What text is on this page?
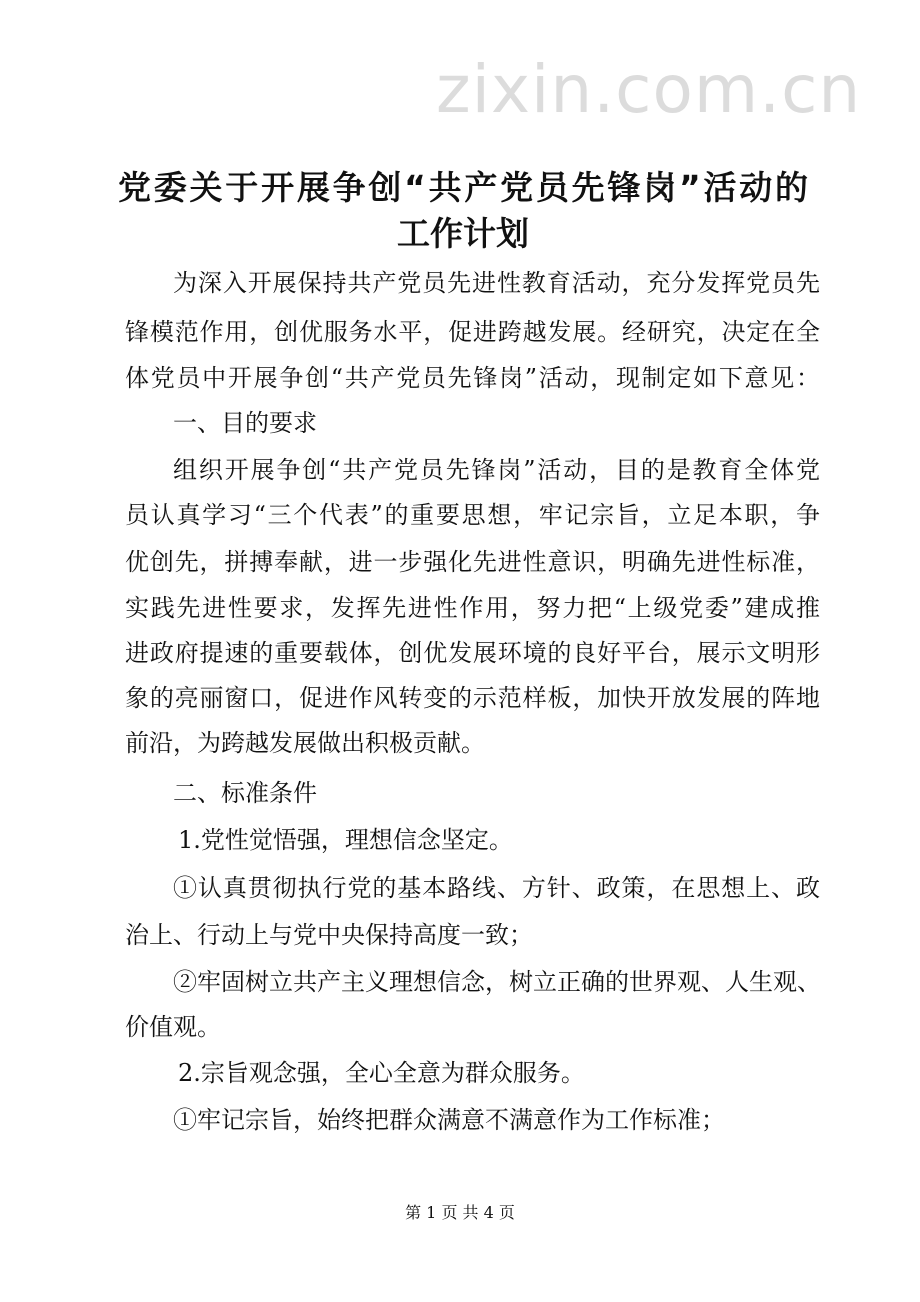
zixin.com.cn
党委关于开展争创“共产党员先锋岗”活动的
工作计划
为深入开展保持共产党员先进性教育活动，充分发挥党员先
锋模范作用，创优服务水平，促进跨越发展。经研究，决定在全
体党员中开展争创“共产党员先锋岗”活动，现制定如下意见：
一、目的要求
组织开展争创“共产党员先锋岗”活动，目的是教育全体党
员认真学习“三个代表”的重要思想，牢记宗旨，立足本职，争
优创先，拼搏奉献，进一步强化先进性意识，明确先进性标准，
实践先进性要求，发挥先进性作用，努力把“上级党委”建成推
进政府提速的重要载体，创优发展环境的良好平台，展示文明形
象的亮丽窗口，促进作风转变的示范样板，加快开放发展的阵地
前沿，为跨越发展做出积极贡献。
二、标准条件
1.党性觉悟强，理想信念坚定。
①认真贯彻执行党的基本路线、方针、政策，在思想上、政
治上、行动上与党中央保持高度一致；
②牢固树立共产主义理想信念，树立正确的世界观、人生观、
价值观。
2.宗旨观念强，全心全意为群众服务。
①牢记宗旨，始终把群众满意不满意作为工作标准；
第 1 页 共 4 页
